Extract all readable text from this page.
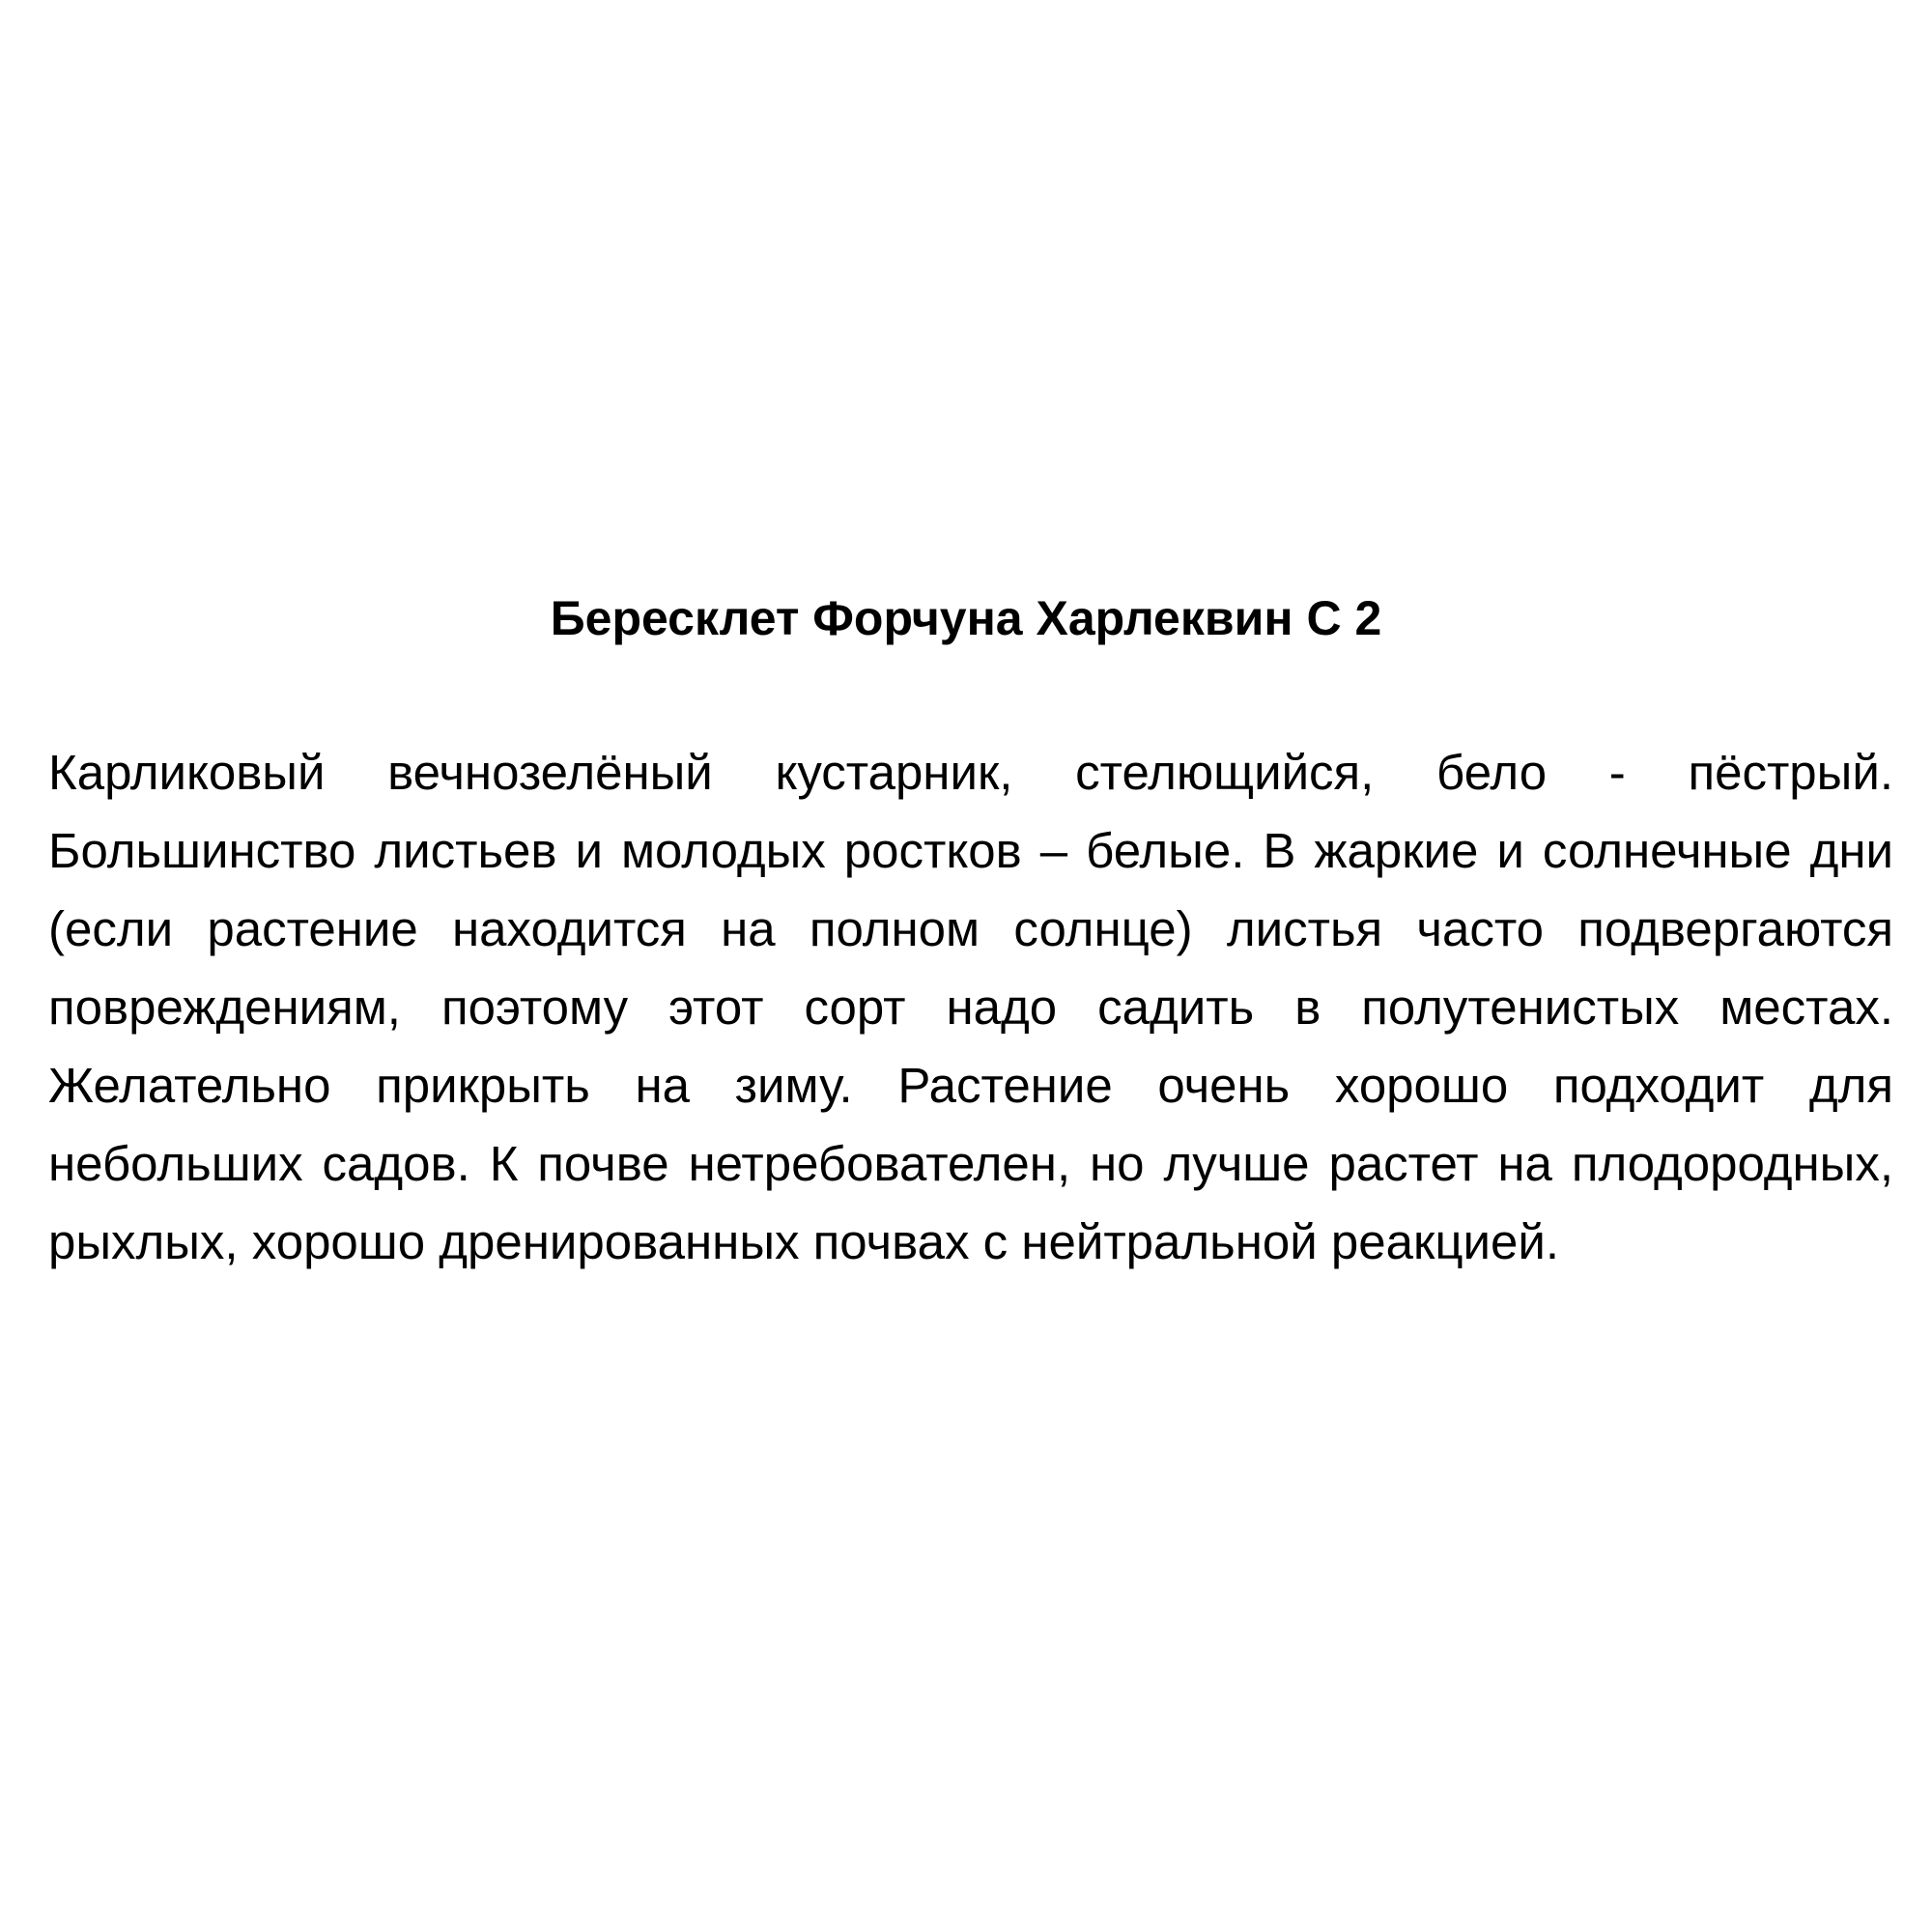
Бересклет Форчуна Харлеквин С 2

Карликовый вечнозелёный кустарник, стелющийся, бело - пёстрый. Большинство листьев и молодых ростков – белые. В жаркие и солнечные дни (если растение находится на полном солнце) листья часто подвергаются повреждениям, поэтому этот сорт надо садить в полутенистых местах. Желательно прикрыть на зиму. Растение очень хорошо подходит для небольших садов. К почве нетребователен, но лучше растет на плодородных, рыхлых, хорошо дренированных почвах с нейтральной реакцией.
